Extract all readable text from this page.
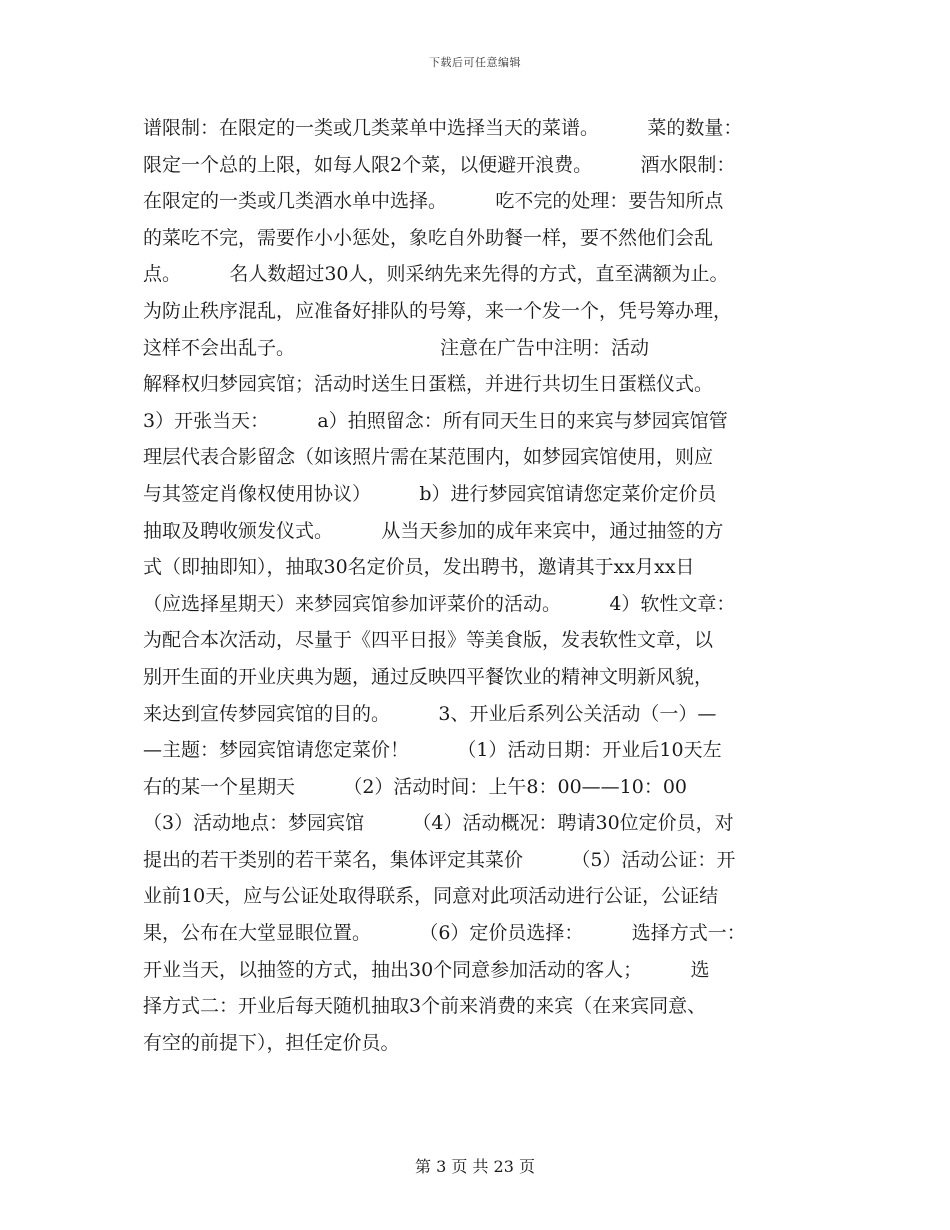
下载后可任意编辑
谱限制：在限定的一类或几类菜单中选择当天的菜谱。        菜的数量：
限定一个总的上限，如每人限2个菜，以便避开浪费。        酒水限制：
在限定的一类或几类酒水单中选择。        吃不完的处理：要告知所点
的菜吃不完，需要作小小惩处，象吃自外助餐一样，要不然他们会乱
点。        名人数超过30人，则采纳先来先得的方式，直至满额为止。
为防止秩序混乱，应准备好排队的号筹，来一个发一个，凭号筹办理，
这样不会出乱子。                        注意在广告中注明：活动
解释权归梦园宾馆；活动时送生日蛋糕，并进行共切生日蛋糕仪式。
3）开张当天：        a）拍照留念：所有同天生日的来宾与梦园宾馆管
理层代表合影留念（如该照片需在某范围内，如梦园宾馆使用，则应
与其签定肖像权使用协议）        b）进行梦园宾馆请您定菜价定价员
抽取及聘收颁发仪式。        从当天参加的成年来宾中，通过抽签的方
式（即抽即知），抽取30名定价员，发出聘书，邀请其于xx月xx日
（应选择星期天）来梦园宾馆参加评菜价的活动。        4）软性文章：
为配合本次活动，尽量于《四平日报》等美食版，发表软性文章，以
别开生面的开业庆典为题，通过反映四平餐饮业的精神文明新风貌，
来达到宣传梦园宾馆的目的。        3、开业后系列公关活动（一）—
—主题：梦园宾馆请您定菜价！        （1）活动日期：开业后10天左
右的某一个星期天        （2）活动时间：上午8：00——10：00
（3）活动地点：梦园宾馆        （4）活动概况：聘请30位定价员，对
提出的若干类别的若干菜名，集体评定其菜价        （5）活动公证：开
业前10天，应与公证处取得联系，同意对此项活动进行公证，公证结
果，公布在大堂显眼位置。        （6）定价员选择：        选择方式一：
开业当天，以抽签的方式，抽出30个同意参加活动的客人；        选
择方式二：开业后每天随机抽取3个前来消费的来宾（在来宾同意、
有空的前提下），担任定价员。
第 3 页 共 23 页
